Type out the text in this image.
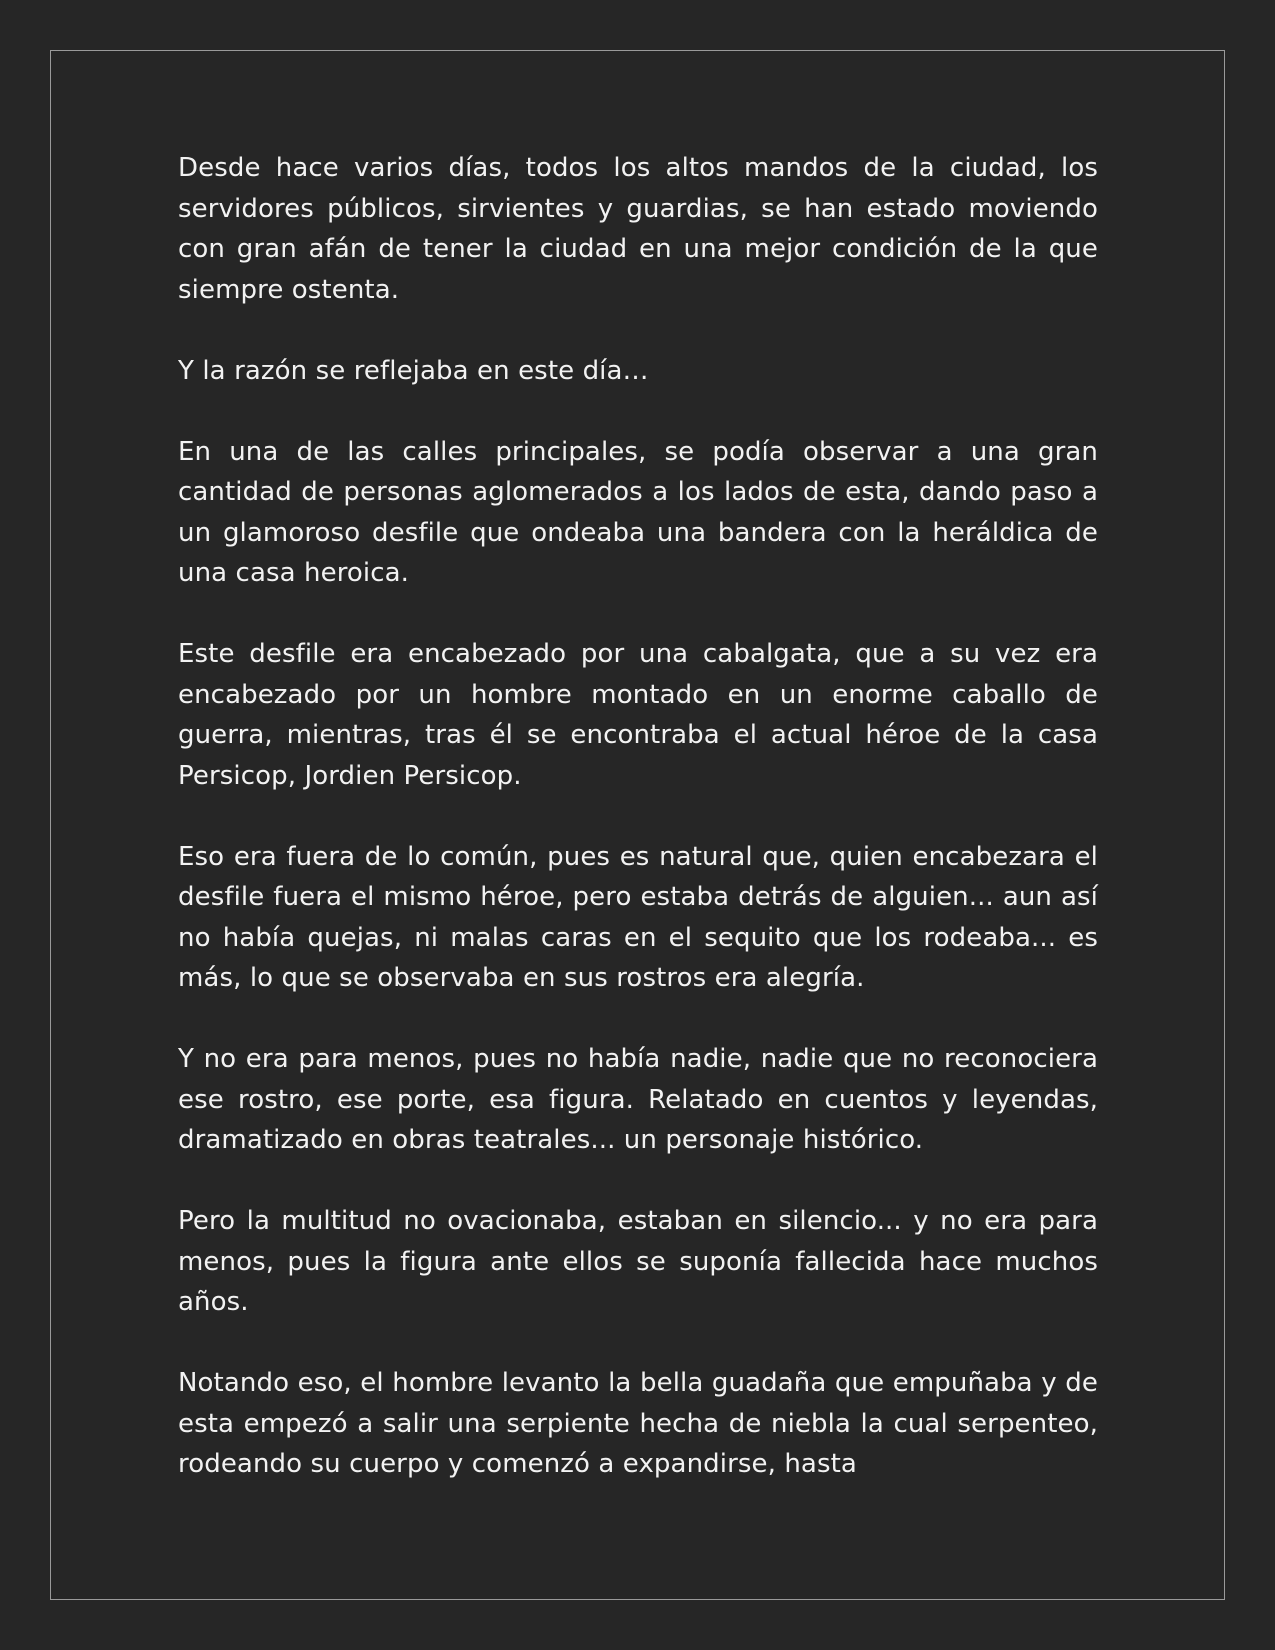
Desde hace varios días, todos los altos mandos de la ciudad, los servidores públicos, sirvientes y guardias, se han estado moviendo con gran afán de tener la ciudad en una mejor condición de la que siempre ostenta.

Y la razón se reflejaba en este día…

En una de las calles principales, se podía observar a una gran cantidad de personas aglomerados a los lados de esta, dando paso a un glamoroso desfile que ondeaba una bandera con la heráldica de una casa heroica.

Este desfile era encabezado por una cabalgata, que a su vez era encabezado por un hombre montado en un enorme caballo de guerra, mientras, tras él se encontraba el actual héroe de la casa Persicop, Jordien Persicop.

Eso era fuera de lo común, pues es natural que, quien encabezara el desfile fuera el mismo héroe, pero estaba detrás de alguien... aun así no había quejas, ni malas caras en el sequito que los rodeaba... es más, lo que se observaba en sus rostros era alegría.

Y no era para menos, pues no había nadie, nadie que no reconociera ese rostro, ese porte, esa figura. Relatado en cuentos y leyendas, dramatizado en obras teatrales... un personaje histórico.

Pero la multitud no ovacionaba, estaban en silencio... y no era para menos, pues la figura ante ellos se suponía fallecida hace muchos años.

Notando eso, el hombre levanto la bella guadaña que empuñaba y de esta empezó a salir una serpiente hecha de niebla la cual serpenteo, rodeando su cuerpo y comenzó a expandirse, hasta
